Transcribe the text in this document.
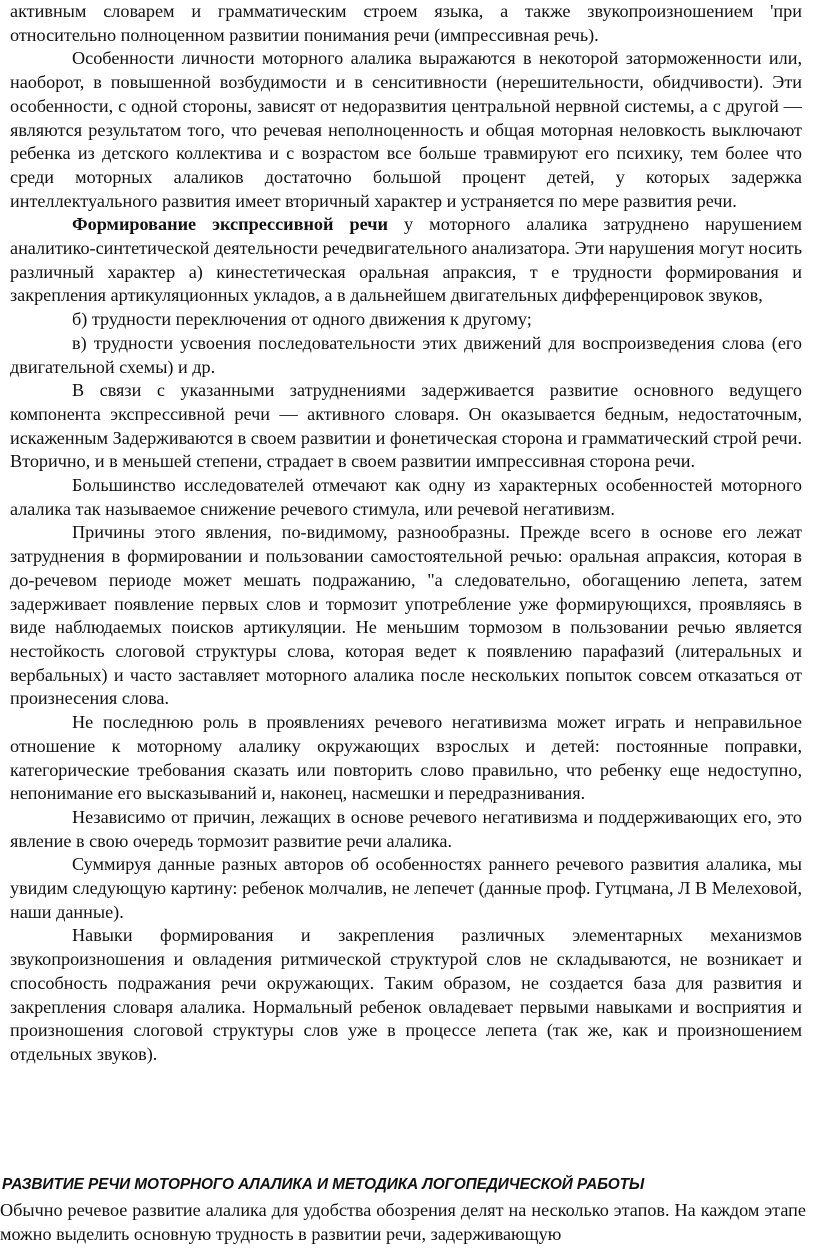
активным словарем и грамматическим строем языка, а также звукопроизношением 'при относительно полноценном развитии понимания речи (импрессивная речь).

Особенности личности моторного алалика выражаются в некоторой заторможенности или, наоборот, в повышенной возбудимости и в сенситивности (нерешительности, обидчивости). Эти особенности, с одной стороны, зависят от недоразвития центральной нервной системы, а с другой — являются результатом того, что речевая неполноценность и общая моторная неловкость выключают ребенка из детского коллектива и с возрастом все больше травмируют его психику, тем более что среди моторных алаликов достаточно большой процент детей, у которых задержка интеллектуального развития имеет вторичный характер и устраняется по мере развития речи.

Формирование экспрессивной речи у моторного алалика затруднено нарушением аналитико-синтетической деятельности речедвигательного анализатора. Эти нарушения могут носить различный характер а) кинестетическая оральная апраксия, т е трудности формирования и закрепления артикуляционных укладов, а в дальнейшем двигательных дифференцировок звуков,

б) трудности переключения от одного движения к другому;

в) трудности усвоения последовательности этих движений для воспроизведения слова (его двигательной схемы) и др.

В связи с указанными затруднениями задерживается развитие основного ведущего компонента экспрессивной речи — активного словаря. Он оказывается бедным, недостаточным, искаженным Задерживаются в своем развитии и фонетическая сторона и грамматический строй речи. Вторично, и в меньшей степени, страдает в своем развитии импрессивная сторона речи.

Большинство исследователей отмечают как одну из характерных особенностей моторного алалика так называемое снижение речевого стимула, или речевой негативизм.

Причины этого явления, по-видимому, разнообразны. Прежде всего в основе его лежат затруднения в формировании и пользовании самостоятельной речью: оральная апраксия, которая в до-речевом периоде может мешать подражанию, "а следовательно, обогащению лепета, затем задерживает появление первых слов и тормозит употребление уже формирующихся, проявляясь в виде наблюдаемых поисков артикуляции. Не меньшим тормозом в пользовании речью является нестойкость слоговой структуры слова, которая ведет к появлению парафазий (литеральных и вербальных) и часто заставляет моторного алалика после нескольких попыток совсем отказаться от произнесения слова.

Не последнюю роль в проявлениях речевого негативизма может играть и неправильное отношение к моторному алалику окружающих взрослых и детей: постоянные поправки, категорические требования сказать или повторить слово правильно, что ребенку еще недоступно, непонимание его высказываний и, наконец, насмешки и передразнивания.

Независимо от причин, лежащих в основе речевого негативизма и поддерживающих его, это явление в свою очередь тормозит развитие речи алалика.

Суммируя данные разных авторов об особенностях раннего речевого развития алалика, мы увидим следующую картину: ребенок молчалив, не лепечет (данные проф. Гутцмана, Л В Мелеховой, наши данные).

Навыки формирования и закрепления различных элементарных механизмов звукопроизношения и овладения ритмической структурой слов не складываются, не возникает и способность подражания речи окружающих. Таким образом, не создается база для развития и закрепления словаря алалика. Нормальный ребенок овладевает первыми навыками и восприятия и произношения слоговой структуры слов уже в процессе лепета (так же, как и произношением отдельных звуков).

РАЗВИТИЕ РЕЧИ МОТОРНОГО АЛАЛИКА И МЕТОДИКА ЛОГОПЕДИЧЕСКОЙ РАБОТЫ

Обычно речевое развитие алалика для удобства обозрения делят на несколько этапов. На каждом этапе можно выделить основную трудность в развитии речи, задерживающую
